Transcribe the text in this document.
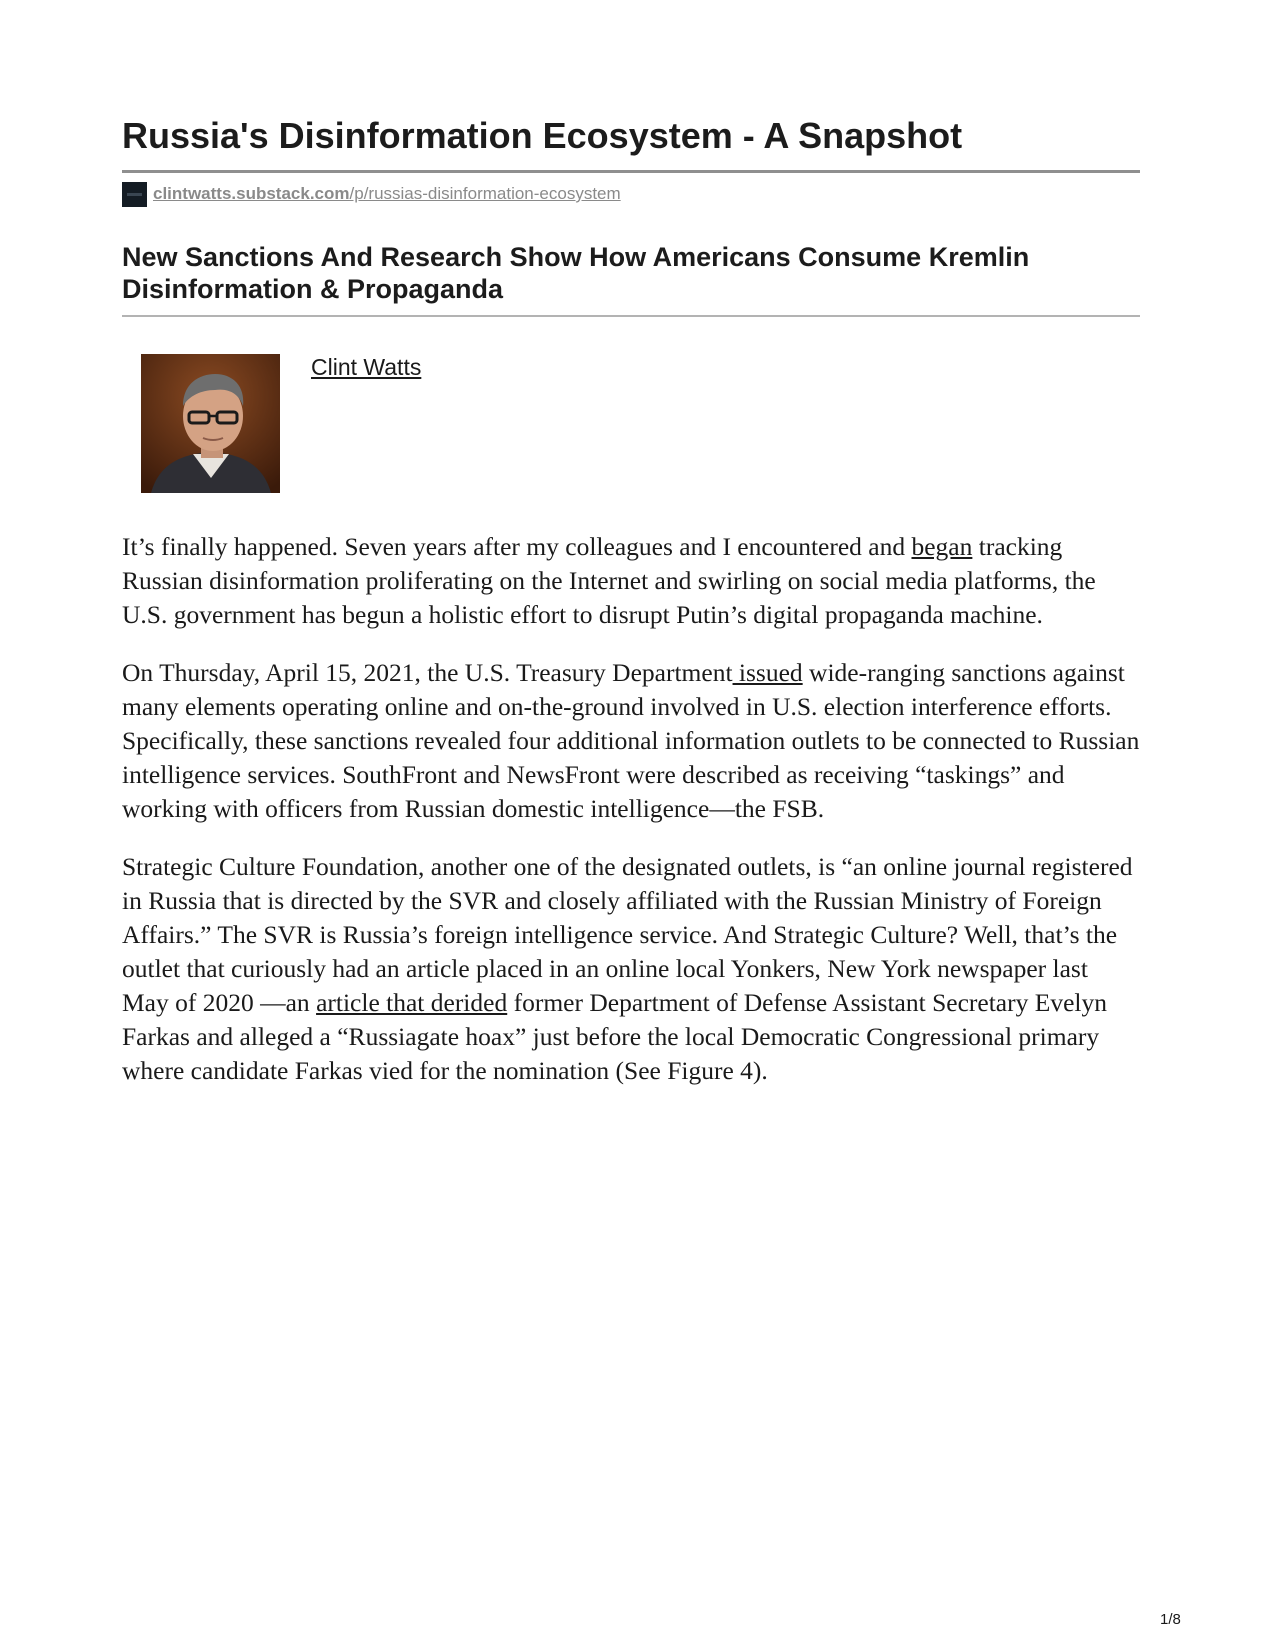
Russia's Disinformation Ecosystem - A Snapshot
clintwatts.substack.com/p/russias-disinformation-ecosystem
New Sanctions And Research Show How Americans Consume Kremlin Disinformation & Propaganda
Clint Watts

It’s finally happened. Seven years after my colleagues and I encountered and began tracking Russian disinformation proliferating on the Internet and swirling on social media platforms, the U.S. government has begun a holistic effort to disrupt Putin’s digital propaganda machine.

On Thursday, April 15, 2021, the U.S. Treasury Department issued wide-ranging sanctions against many elements operating online and on-the-ground involved in U.S. election interference efforts. Specifically, these sanctions revealed four additional information outlets to be connected to Russian intelligence services. SouthFront and NewsFront were described as receiving “taskings” and working with officers from Russian domestic intelligence—the FSB.

Strategic Culture Foundation, another one of the designated outlets, is “an online journal registered in Russia that is directed by the SVR and closely affiliated with the Russian Ministry of Foreign Affairs.” The SVR is Russia’s foreign intelligence service. And Strategic Culture? Well, that’s the outlet that curiously had an article placed in an online local Yonkers, New York newspaper last May of 2020 —an article that derided former Department of Defense Assistant Secretary Evelyn Farkas and alleged a “Russiagate hoax” just before the local Democratic Congressional primary where candidate Farkas vied for the nomination (See Figure 4).

1/8
